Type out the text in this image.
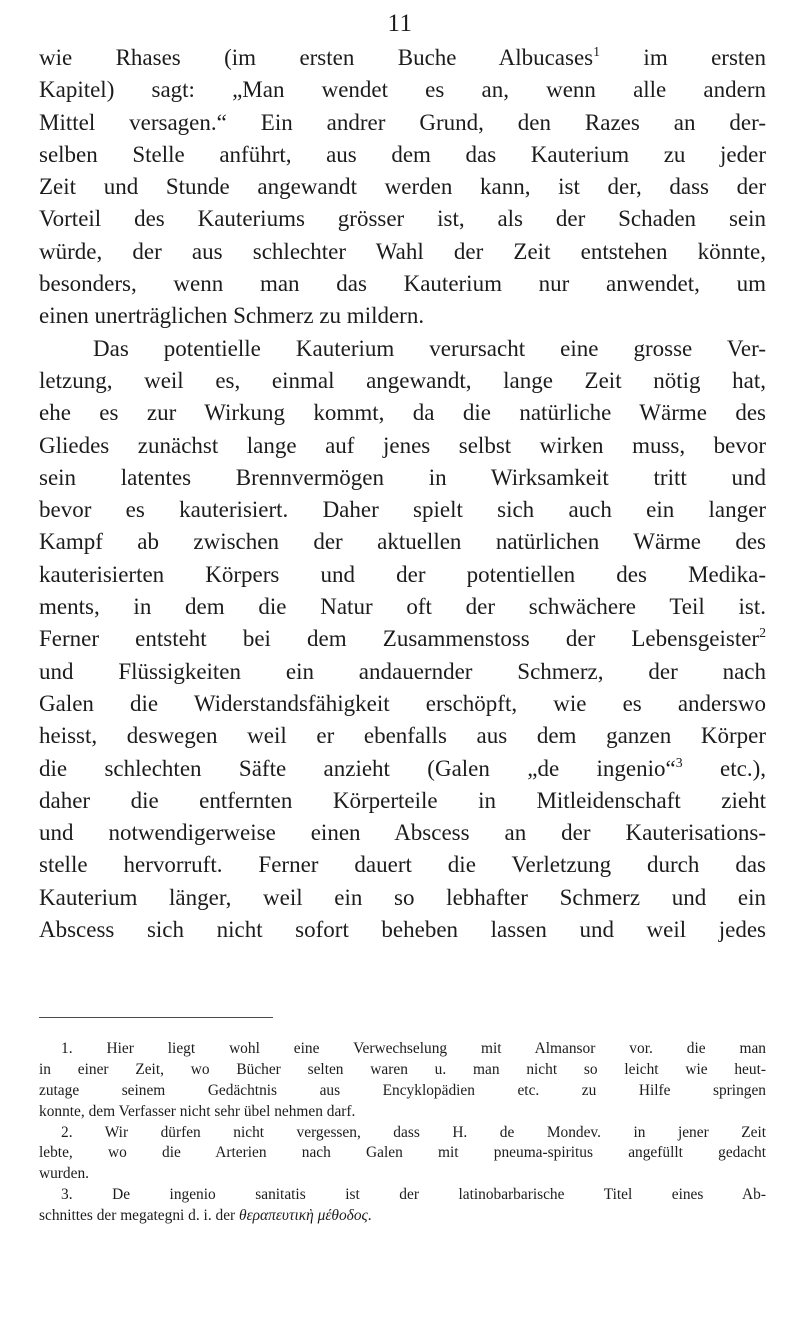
11
wie Rhases (im ersten Buche Albucases$^1$ im ersten
Kapitel) sagt: „Man wendet es an, wenn alle andern
Mittel versagen.“ Ein andrer Grund, den Razes an der-
selben Stelle anführt, aus dem das Kauterium zu jeder
Zeit und Stunde angewandt werden kann, ist der, dass der
Vorteil des Kauteriums grösser ist, als der Schaden sein
würde, der aus schlechter Wahl der Zeit entstehen könnte,
besonders, wenn man das Kauterium nur anwendet, um
einen unerträglichen Schmerz zu mildern.
Das potentielle Kauterium verursacht eine grosse Ver-
letzung, weil es, einmal angewandt, lange Zeit nötig hat,
ehe es zur Wirkung kommt, da die natürliche Wärme des
Gliedes zunächst lange auf jenes selbst wirken muss, bevor
sein latentes Brennvermögen in Wirksamkeit tritt und
bevor es kauterisiert. Daher spielt sich auch ein langer
Kampf ab zwischen der aktuellen natürlichen Wärme des
kauterisierten Körpers und der potentiellen des Medika-
ments, in dem die Natur oft der schwächere Teil ist.
Ferner entsteht bei dem Zusammenstoss der Lebensgeister$^2$
und Flüssigkeiten ein andauernder Schmerz, der nach
Galen die Widerstandsfähigkeit erschöpft, wie es anderswo
heisst, deswegen weil er ebenfalls aus dem ganzen Körper
die schlechten Säfte anzieht (Galen „de ingenio“$^3$ etc.),
daher die entfernten Körperteile in Mitleidenschaft zieht
und notwendigerweise einen Abscess an der Kauterisations-
stelle hervorruft. Ferner dauert die Verletzung durch das
Kauterium länger, weil ein so lebhafter Schmerz und ein
Abscess sich nicht sofort beheben lassen und weil jedes
1. Hier liegt wohl eine Verwechselung mit Almansor vor. die man
in einer Zeit, wo Bücher selten waren u. man nicht so leicht wie heut-
zutage seinem Gedächtnis aus Encyklopädien etc. zu Hilfe springen
konnte, dem Verfasser nicht sehr übel nehmen darf.
2. Wir dürfen nicht vergessen, dass H. de Mondev. in jener Zeit
lebte, wo die Arterien nach Galen mit pneuma-spiritus angefüllt gedacht
wurden.
3. De ingenio sanitatis ist der latinobarbarische Titel eines Ab-
schnittes der megategni d. i. der θεραπευτικὴ μέθοδος.
